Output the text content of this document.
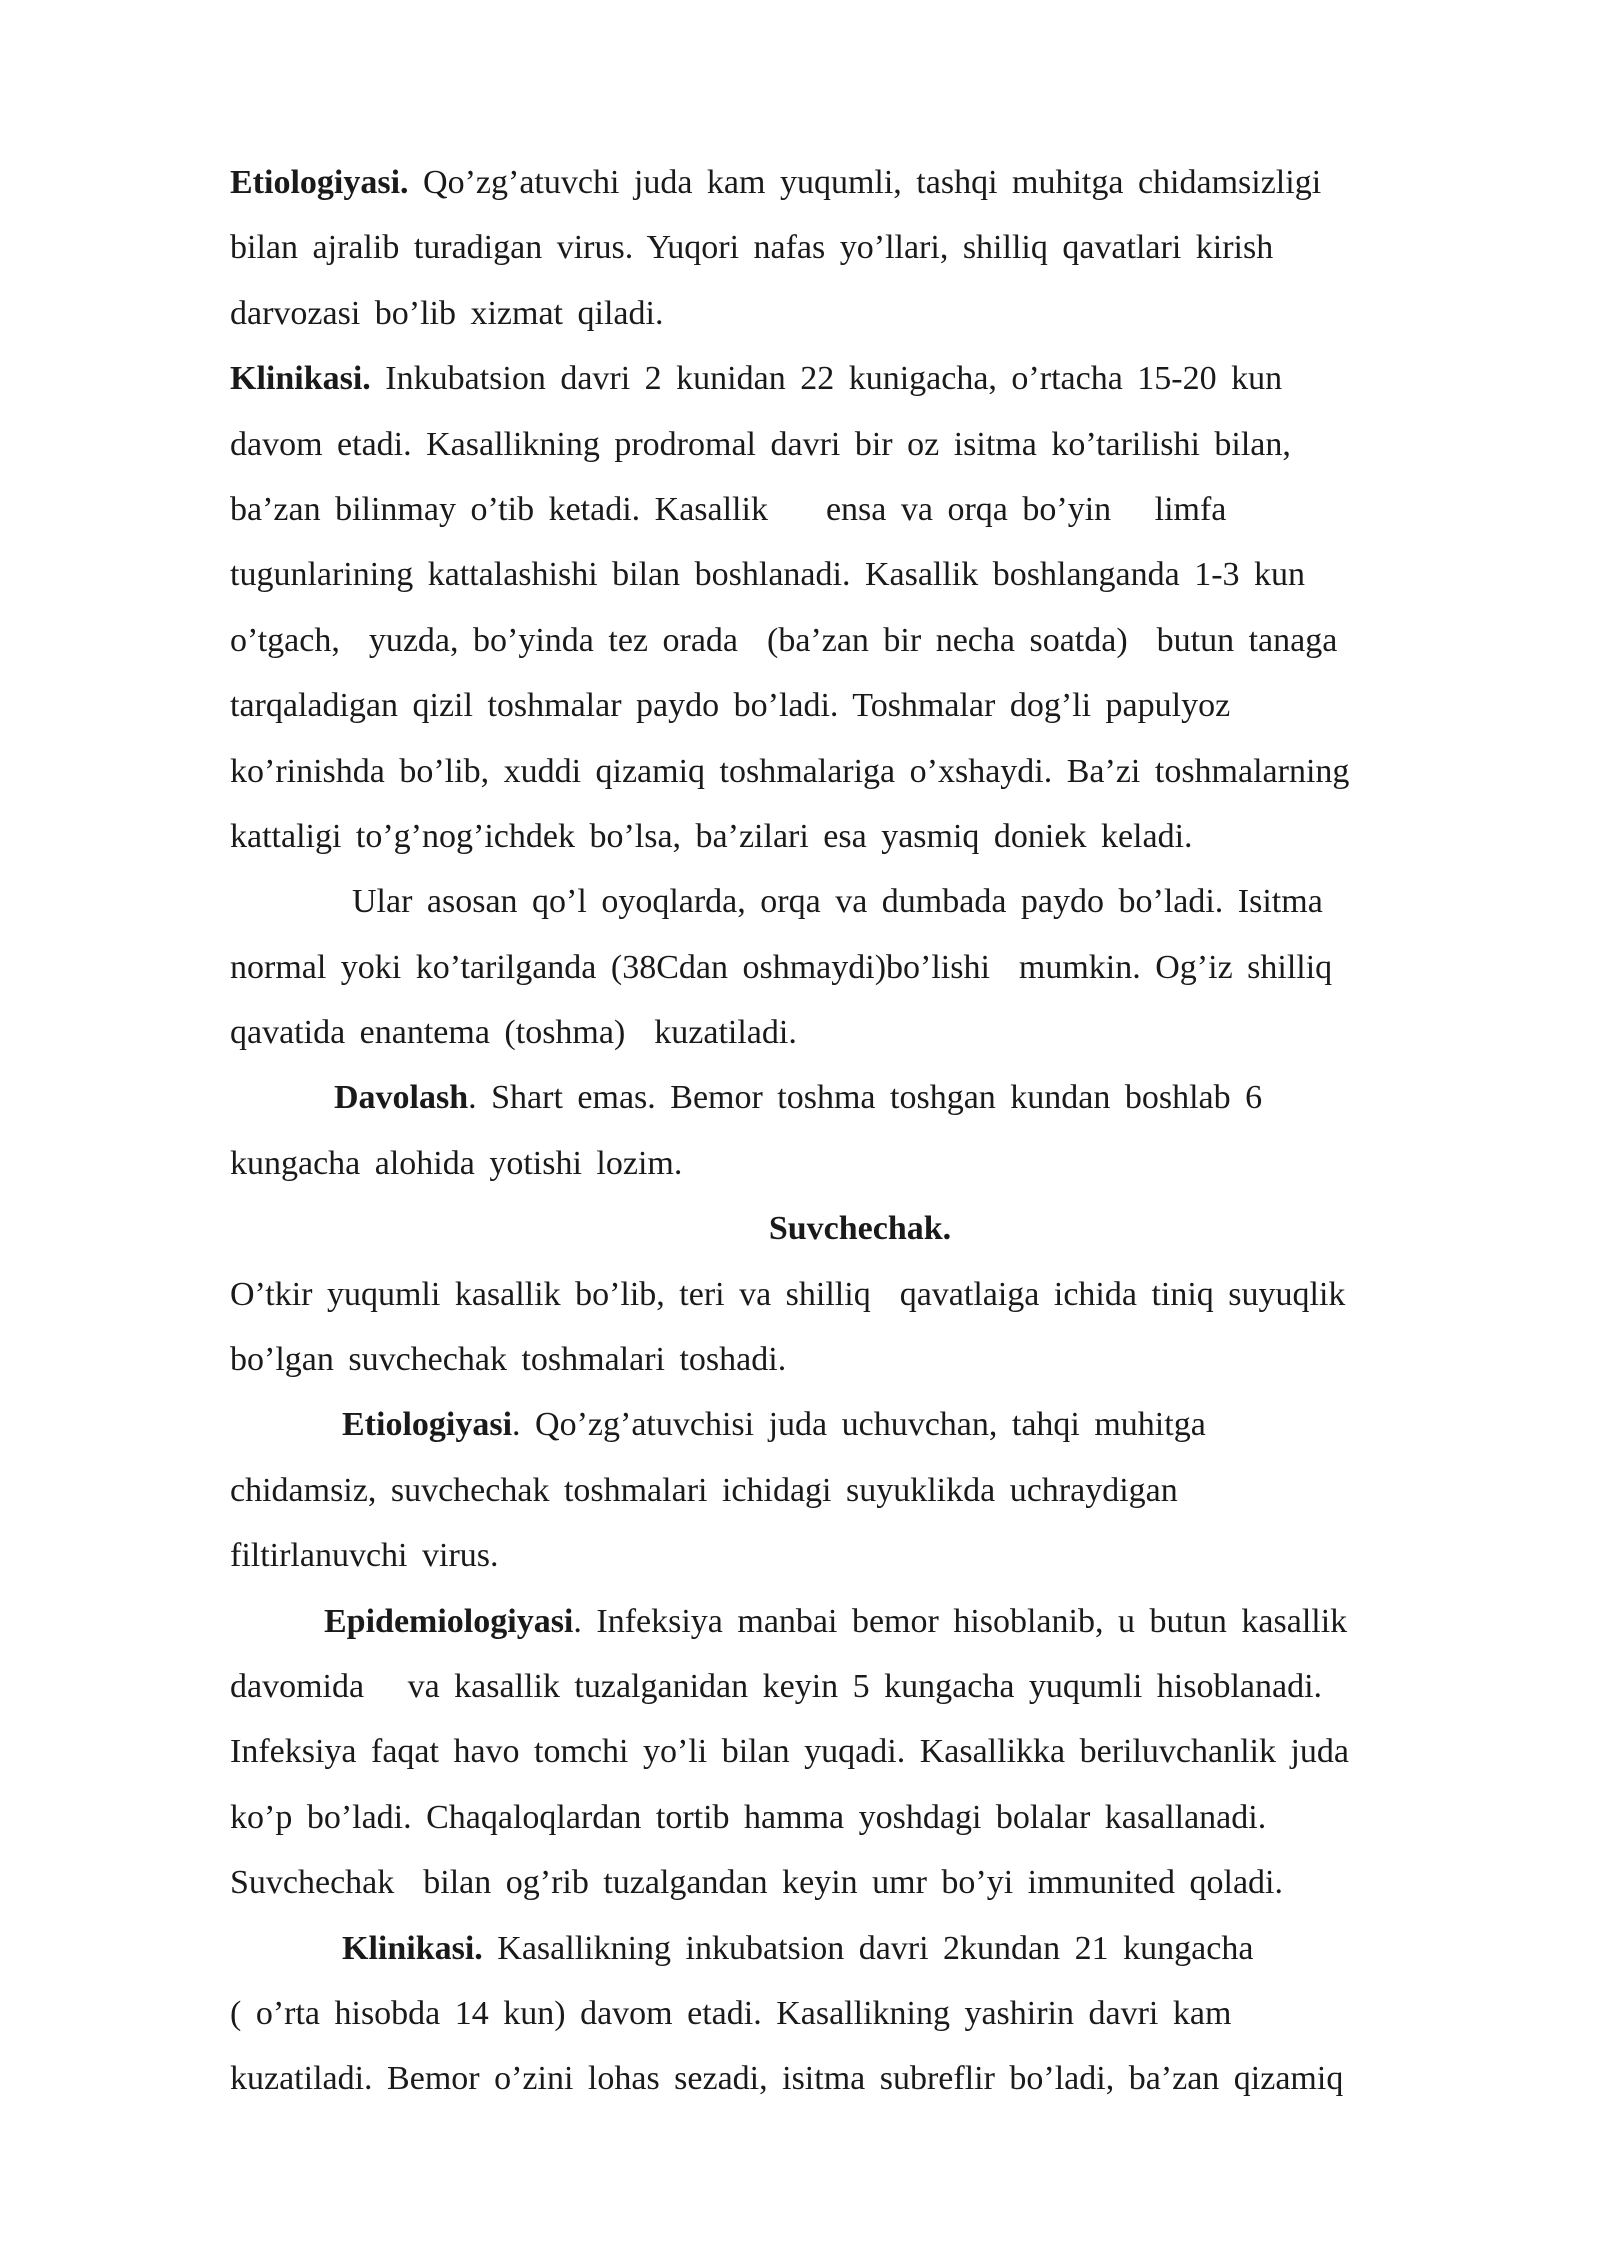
Etiologiyasi. Qo’zg’atuvchi juda kam yuqumli, tashqi muhitga chidamsizligi
bilan ajralib turadigan virus. Yuqori nafas yo’llari, shilliq qavatlari kirish
darvozasi bo’lib xizmat qiladi.
Klinikasi. Inkubatsion davri 2 kunidan 22 kunigacha, o’rtacha 15-20 kun
davom etadi. Kasallikning prodromal davri bir oz isitma ko’tarilishi bilan,
ba’zan bilinmay o’tib ketadi. Kasallik    ensa va orqa bo’yin   limfa
tugunlarining kattalashishi bilan boshlanadi. Kasallik boshlanganda 1-3 kun
o’tgach,  yuzda, bo’yinda tez orada  (ba’zan bir necha soatda)  butun tanaga
tarqaladigan qizil toshmalar paydo bo’ladi. Toshmalar dog’li papulyoz
ko’rinishda bo’lib, xuddi qizamiq toshmalariga o’xshaydi. Ba’zi toshmalarning
kattaligi to’g’nog’ichdek bo’lsa, ba’zilari esa yasmiq doniek keladi.
Ular asosan qo’l oyoqlarda, orqa va dumbada paydo bo’ladi. Isitma
normal yoki ko’tarilganda (38Cdan oshmaydi)bo’lishi  mumkin. Og’iz shilliq
qavatida enantema (toshma)  kuzatiladi.
Davolash. Shart emas. Bemor toshma toshgan kundan boshlab 6
kungacha alohida yotishi lozim.
Suvchechak.
O’tkir yuqumli kasallik bo’lib, teri va shilliq  qavatlaiga ichida tiniq suyuqlik
bo’lgan suvchechak toshmalari toshadi.
Etiologiyasi. Qo’zg’atuvchisi juda uchuvchan, tahqi muhitga
chidamsiz, suvchechak toshmalari ichidagi suyuklikda uchraydigan
filtirlanuvchi virus.
Epidemiologiyasi. Infeksiya manbai bemor hisoblanib, u butun kasallik
davomida   va kasallik tuzalganidan keyin 5 kungacha yuqumli hisoblanadi.
Infeksiya faqat havo tomchi yo’li bilan yuqadi. Kasallikka beriluvchanlik juda
ko’p bo’ladi. Chaqaloqlardan tortib hamma yoshdagi bolalar kasallanadi.
Suvchechak  bilan og’rib tuzalgandan keyin umr bo’yi immunited qoladi.
Klinikasi. Kasallikning inkubatsion davri 2kundan 21 kungacha
( o’rta hisobda 14 kun) davom etadi. Kasallikning yashirin davri kam
kuzatiladi. Bemor o’zini lohas sezadi, isitma subreflir bo’ladi, ba’zan qizamiq
